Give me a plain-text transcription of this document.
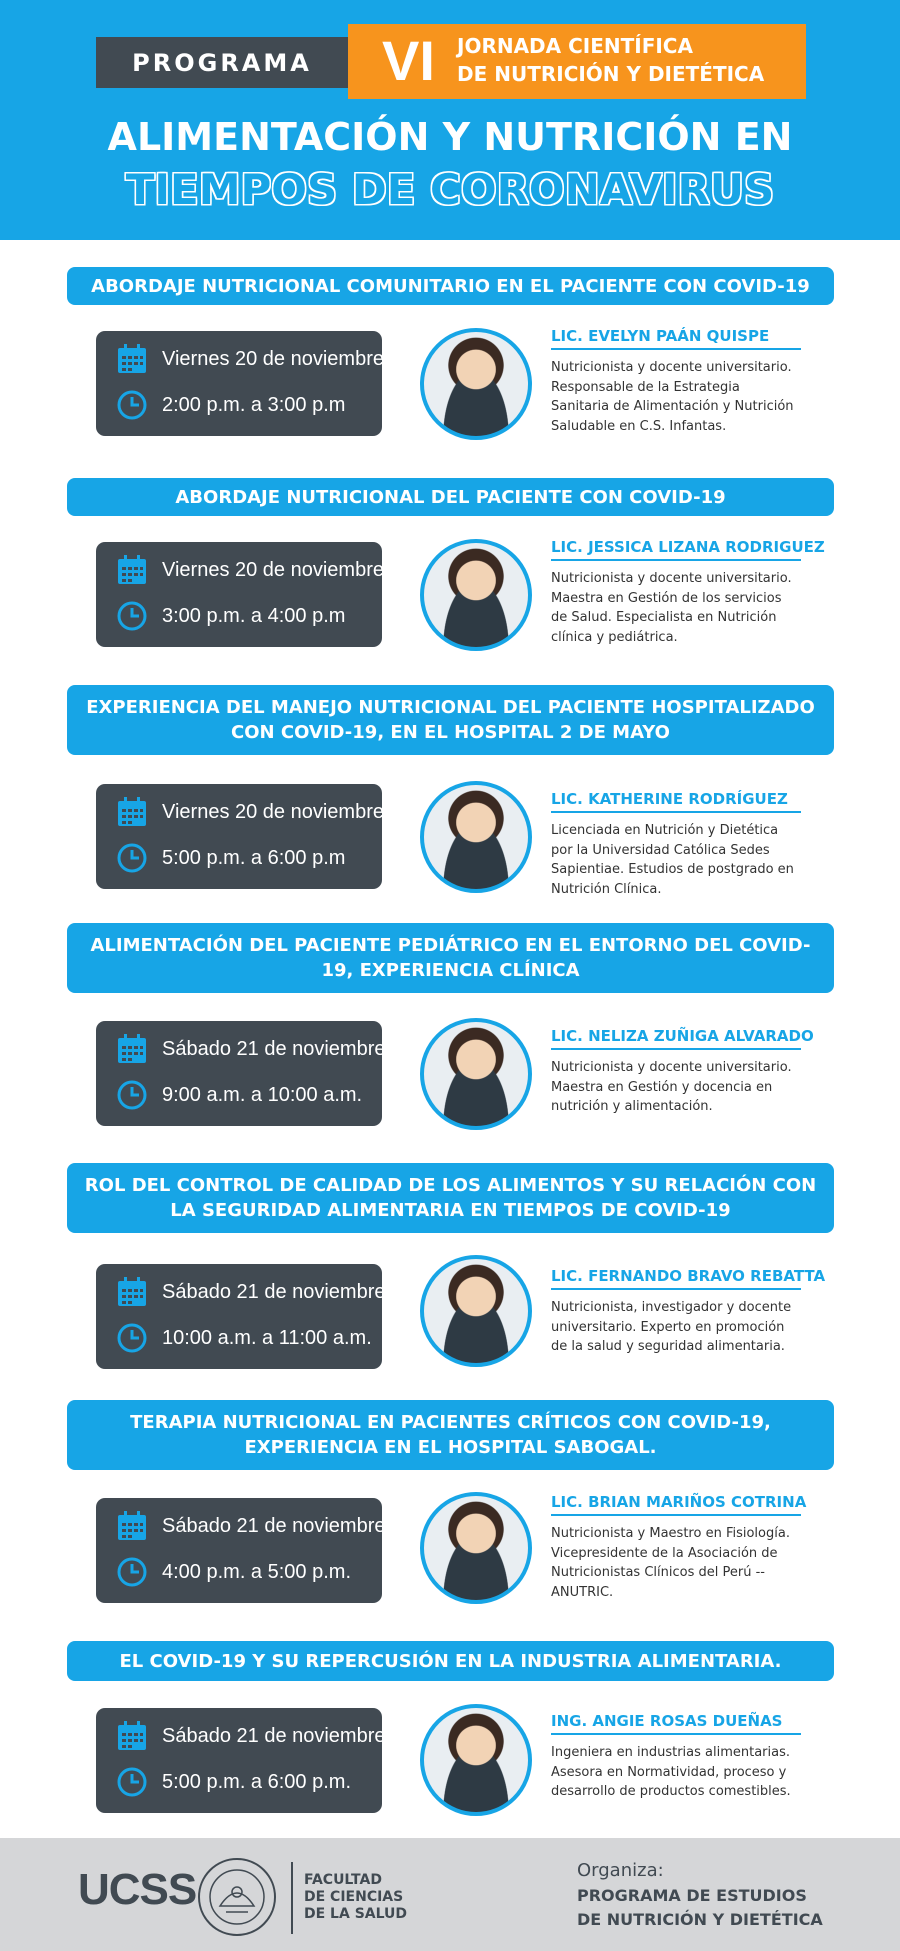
PROGRAMA	VI JORNADA CIENTÍFICA
DE NUTRICIÓN Y DIETÉTICA
ALIMENTACIÓN Y NUTRICIÓN EN
TIEMPOS DE CORONAVIRUS
ABORDAJE NUTRICIONAL COMUNITARIO EN EL PACIENTE CON COVID-19
Viernes 20 de noviembre
2:00 p.m. a 3:00 p.m
LIC. EVELYN PAÁN QUISPE
Nutricionista y docente universitario. Responsable de la Estrategia Sanitaria de Alimentación y Nutrición Saludable en C.S. Infantas.
ABORDAJE NUTRICIONAL DEL PACIENTE CON COVID-19
Viernes 20 de noviembre
3:00 p.m. a 4:00 p.m
LIC. JESSICA LIZANA RODRIGUEZ
Nutricionista y docente universitario. Maestra en Gestión de los servicios de Salud. Especialista en Nutrición clínica y pediátrica.
EXPERIENCIA DEL MANEJO NUTRICIONAL DEL PACIENTE HOSPITALIZADO CON COVID-19, EN EL HOSPITAL 2 DE MAYO
Viernes 20 de noviembre
5:00 p.m. a 6:00 p.m
LIC. KATHERINE RODRÍGUEZ
Licenciada en Nutrición y Dietética por la Universidad Católica Sedes Sapientiae. Estudios de postgrado en Nutrición Clínica.
ALIMENTACIÓN DEL PACIENTE PEDIÁTRICO EN EL ENTORNO DEL COVID-19, EXPERIENCIA CLÍNICA
Sábado 21 de noviembre
9:00 a.m. a 10:00 a.m.
LIC. NELIZA ZUÑIGA ALVARADO
Nutricionista y docente universitario. Maestra en Gestión y docencia en nutrición y alimentación.
ROL DEL CONTROL DE CALIDAD DE LOS ALIMENTOS Y SU RELACIÓN CON LA SEGURIDAD ALIMENTARIA EN TIEMPOS DE COVID-19
Sábado 21 de noviembre
10:00 a.m. a 11:00 a.m.
LIC. FERNANDO BRAVO REBATTA
Nutricionista, investigador y docente universitario. Experto en promoción de la salud y seguridad alimentaria.
TERAPIA NUTRICIONAL EN PACIENTES CRÍTICOS CON COVID-19, EXPERIENCIA EN EL HOSPITAL SABOGAL.
Sábado 21 de noviembre
4:00 p.m. a 5:00 p.m.
LIC. BRIAN MARIÑOS COTRINA
Nutricionista y Maestro en Fisiología. Vicepresidente de la Asociación de Nutricionistas Clínicos del Perú -- ANUTRIC.
EL COVID-19 Y SU REPERCUSIÓN EN LA INDUSTRIA ALIMENTARIA.
Sábado 21 de noviembre
5:00 p.m. a 6:00 p.m.
ING. ANGIE ROSAS DUEÑAS
Ingeniera en industrias alimentarias. Asesora en Normatividad, proceso y desarrollo de productos comestibles.
UCSS	FACULTAD
DE CIENCIAS
DE LA SALUD
Organiza:
PROGRAMA DE ESTUDIOS
DE NUTRICIÓN Y DIETÉTICA
